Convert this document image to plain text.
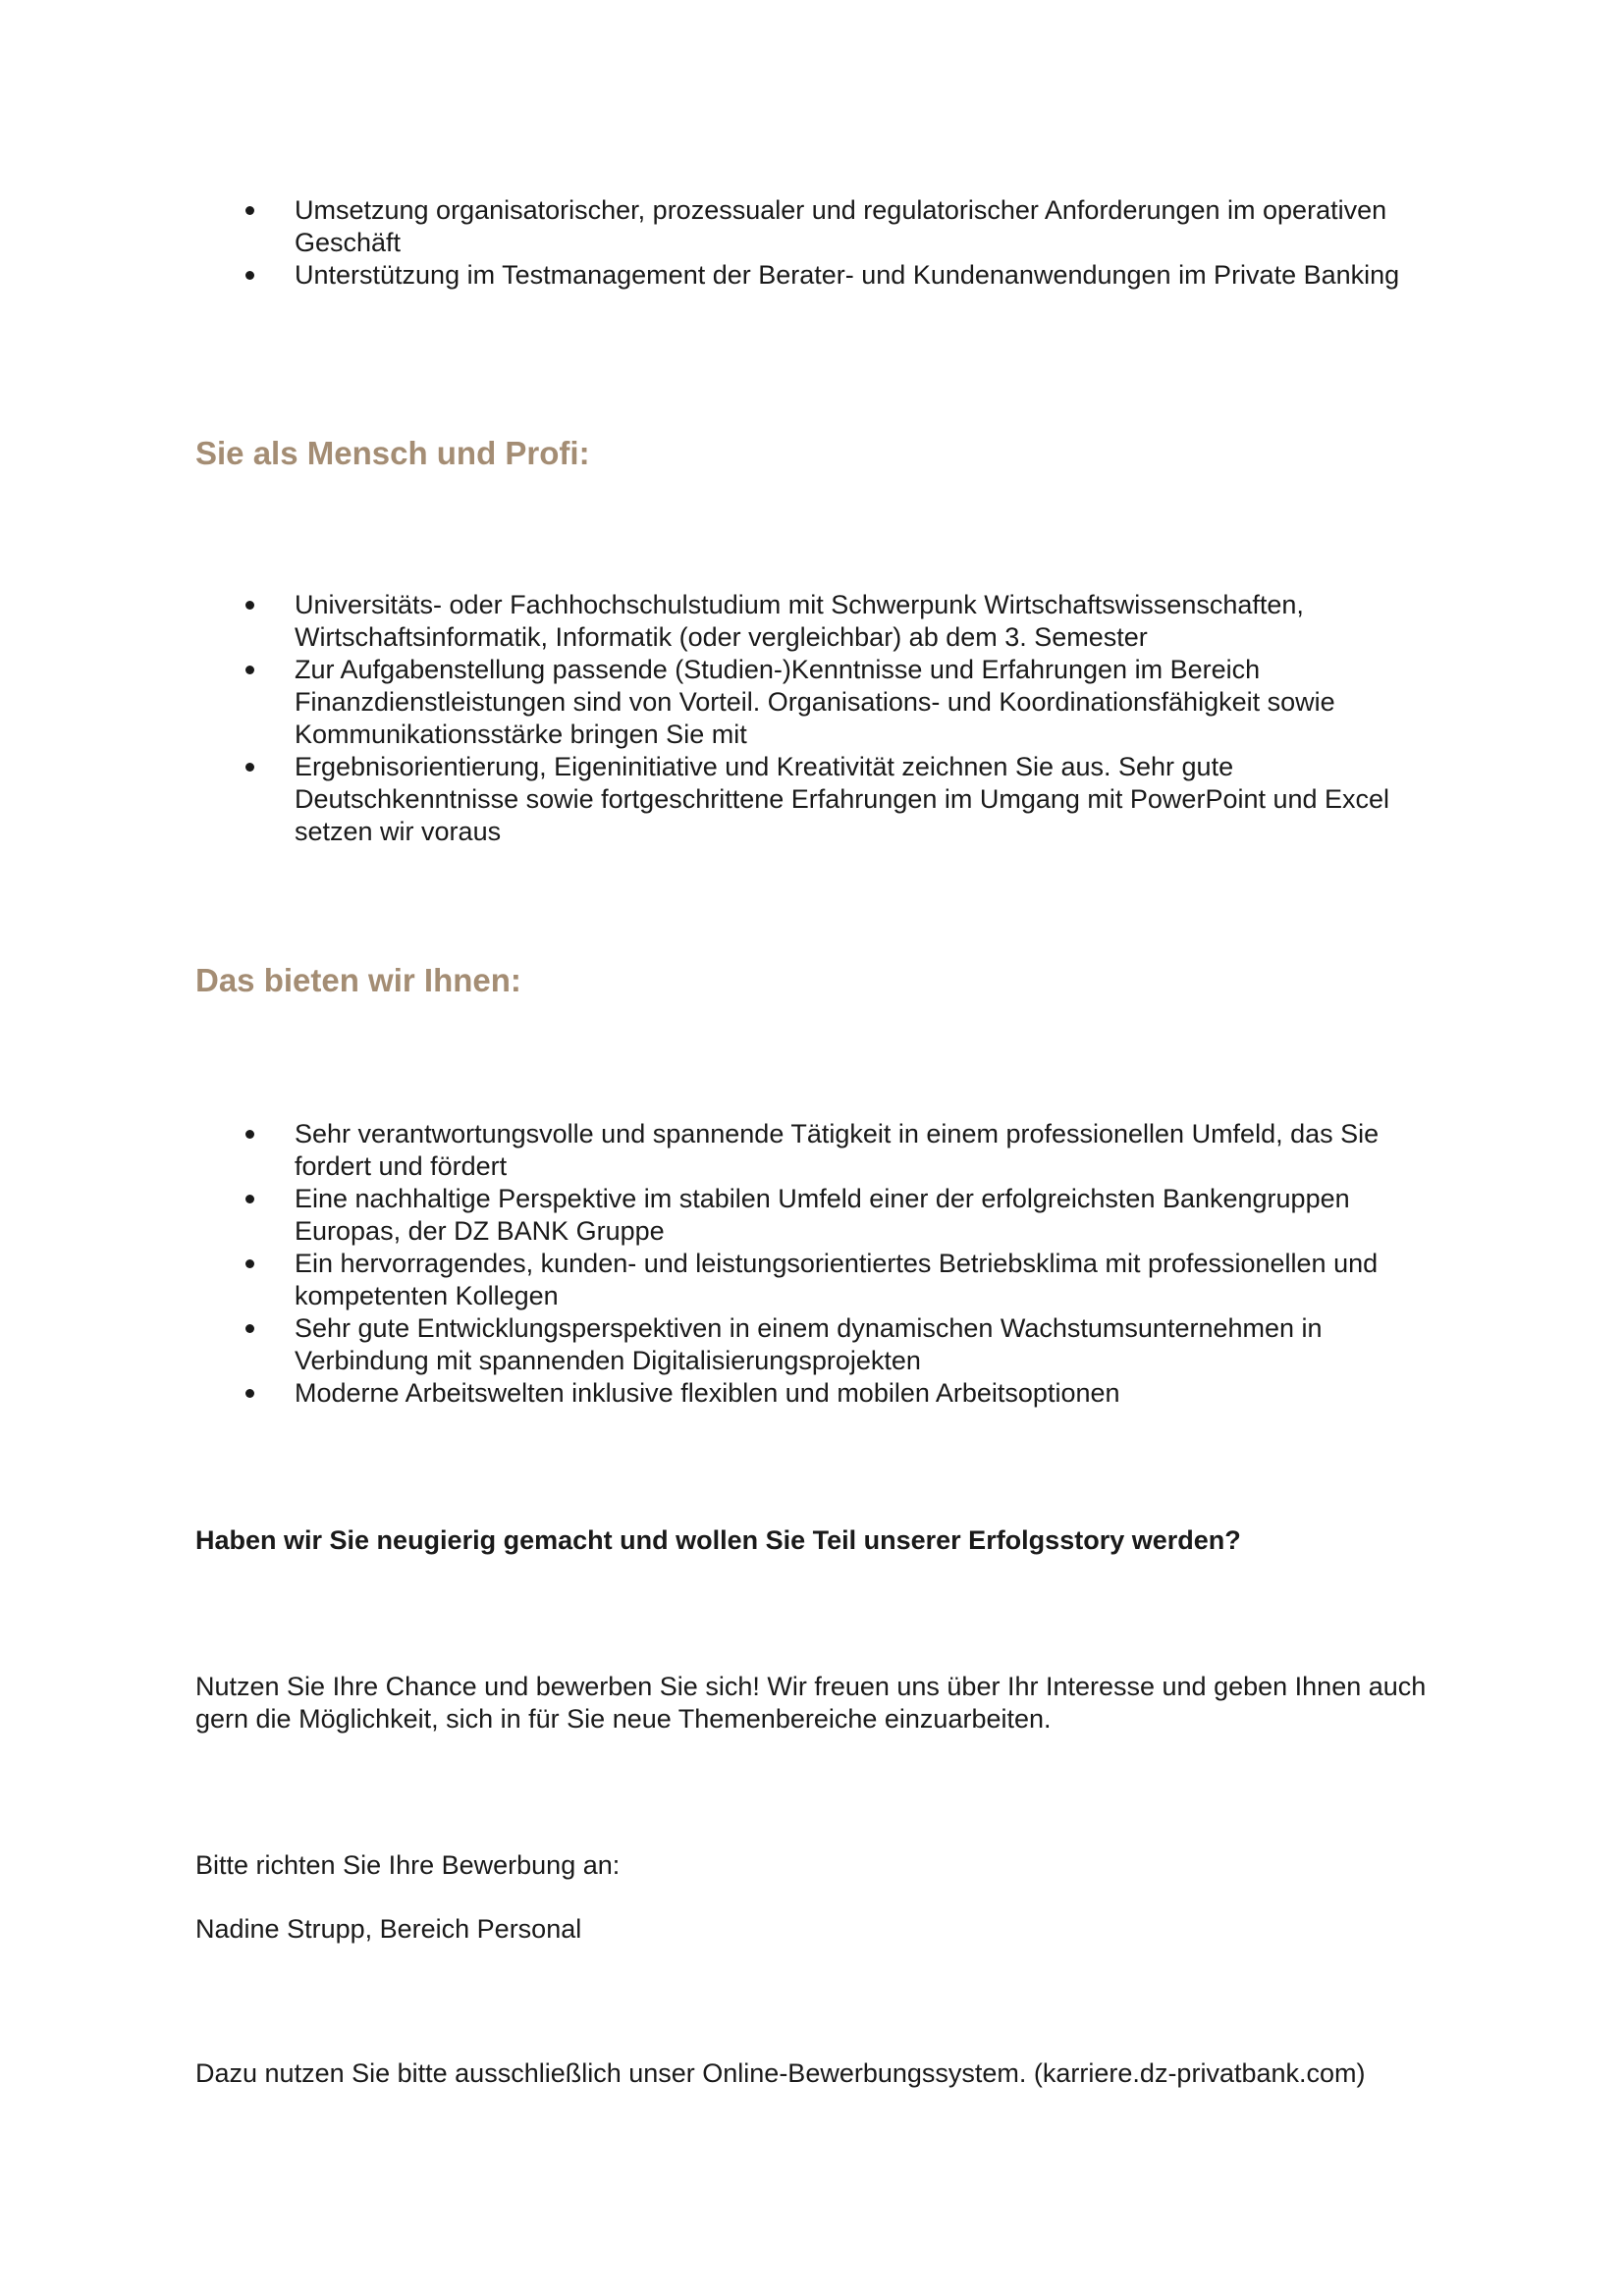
Umsetzung organisatorischer, prozessualer und regulatorischer Anforderungen im operativen Geschäft
Unterstützung im Testmanagement der Berater- und Kundenanwendungen im Private Banking
Sie als Mensch und Profi:
Universitäts- oder Fachhochschulstudium mit Schwerpunk Wirtschaftswissenschaften, Wirtschaftsinformatik, Informatik (oder vergleichbar) ab dem 3. Semester
Zur Aufgabenstellung passende (Studien-)Kenntnisse und Erfahrungen im Bereich Finanzdienstleistungen sind von Vorteil. Organisations- und Koordinationsfähigkeit sowie Kommunikationsstärke bringen Sie mit
Ergebnisorientierung, Eigeninitiative und Kreativität zeichnen Sie aus. Sehr gute Deutschkenntnisse sowie fortgeschrittene Erfahrungen im Umgang mit PowerPoint und Excel setzen wir voraus
Das bieten wir Ihnen:
Sehr verantwortungsvolle und spannende Tätigkeit in einem professionellen Umfeld, das Sie fordert und fördert
Eine nachhaltige Perspektive im stabilen Umfeld einer der erfolgreichsten Bankengruppen Europas, der DZ BANK Gruppe
Ein hervorragendes, kunden- und leistungsorientiertes Betriebsklima mit professionellen und kompetenten Kollegen
Sehr gute Entwicklungsperspektiven in einem dynamischen Wachstumsunternehmen in Verbindung mit spannenden Digitalisierungsprojekten
Moderne Arbeitswelten inklusive flexiblen und mobilen Arbeitsoptionen

Haben wir Sie neugierig gemacht und wollen Sie Teil unserer Erfolgsstory werden?

Nutzen Sie Ihre Chance und bewerben Sie sich! Wir freuen uns über Ihr Interesse und geben Ihnen auch gern die Möglichkeit, sich in für Sie neue Themenbereiche einzuarbeiten.

Bitte richten Sie Ihre Bewerbung an:

Nadine Strupp, Bereich Personal

Dazu nutzen Sie bitte ausschließlich unser Online-Bewerbungssystem. (karriere.dz-privatbank.com)
